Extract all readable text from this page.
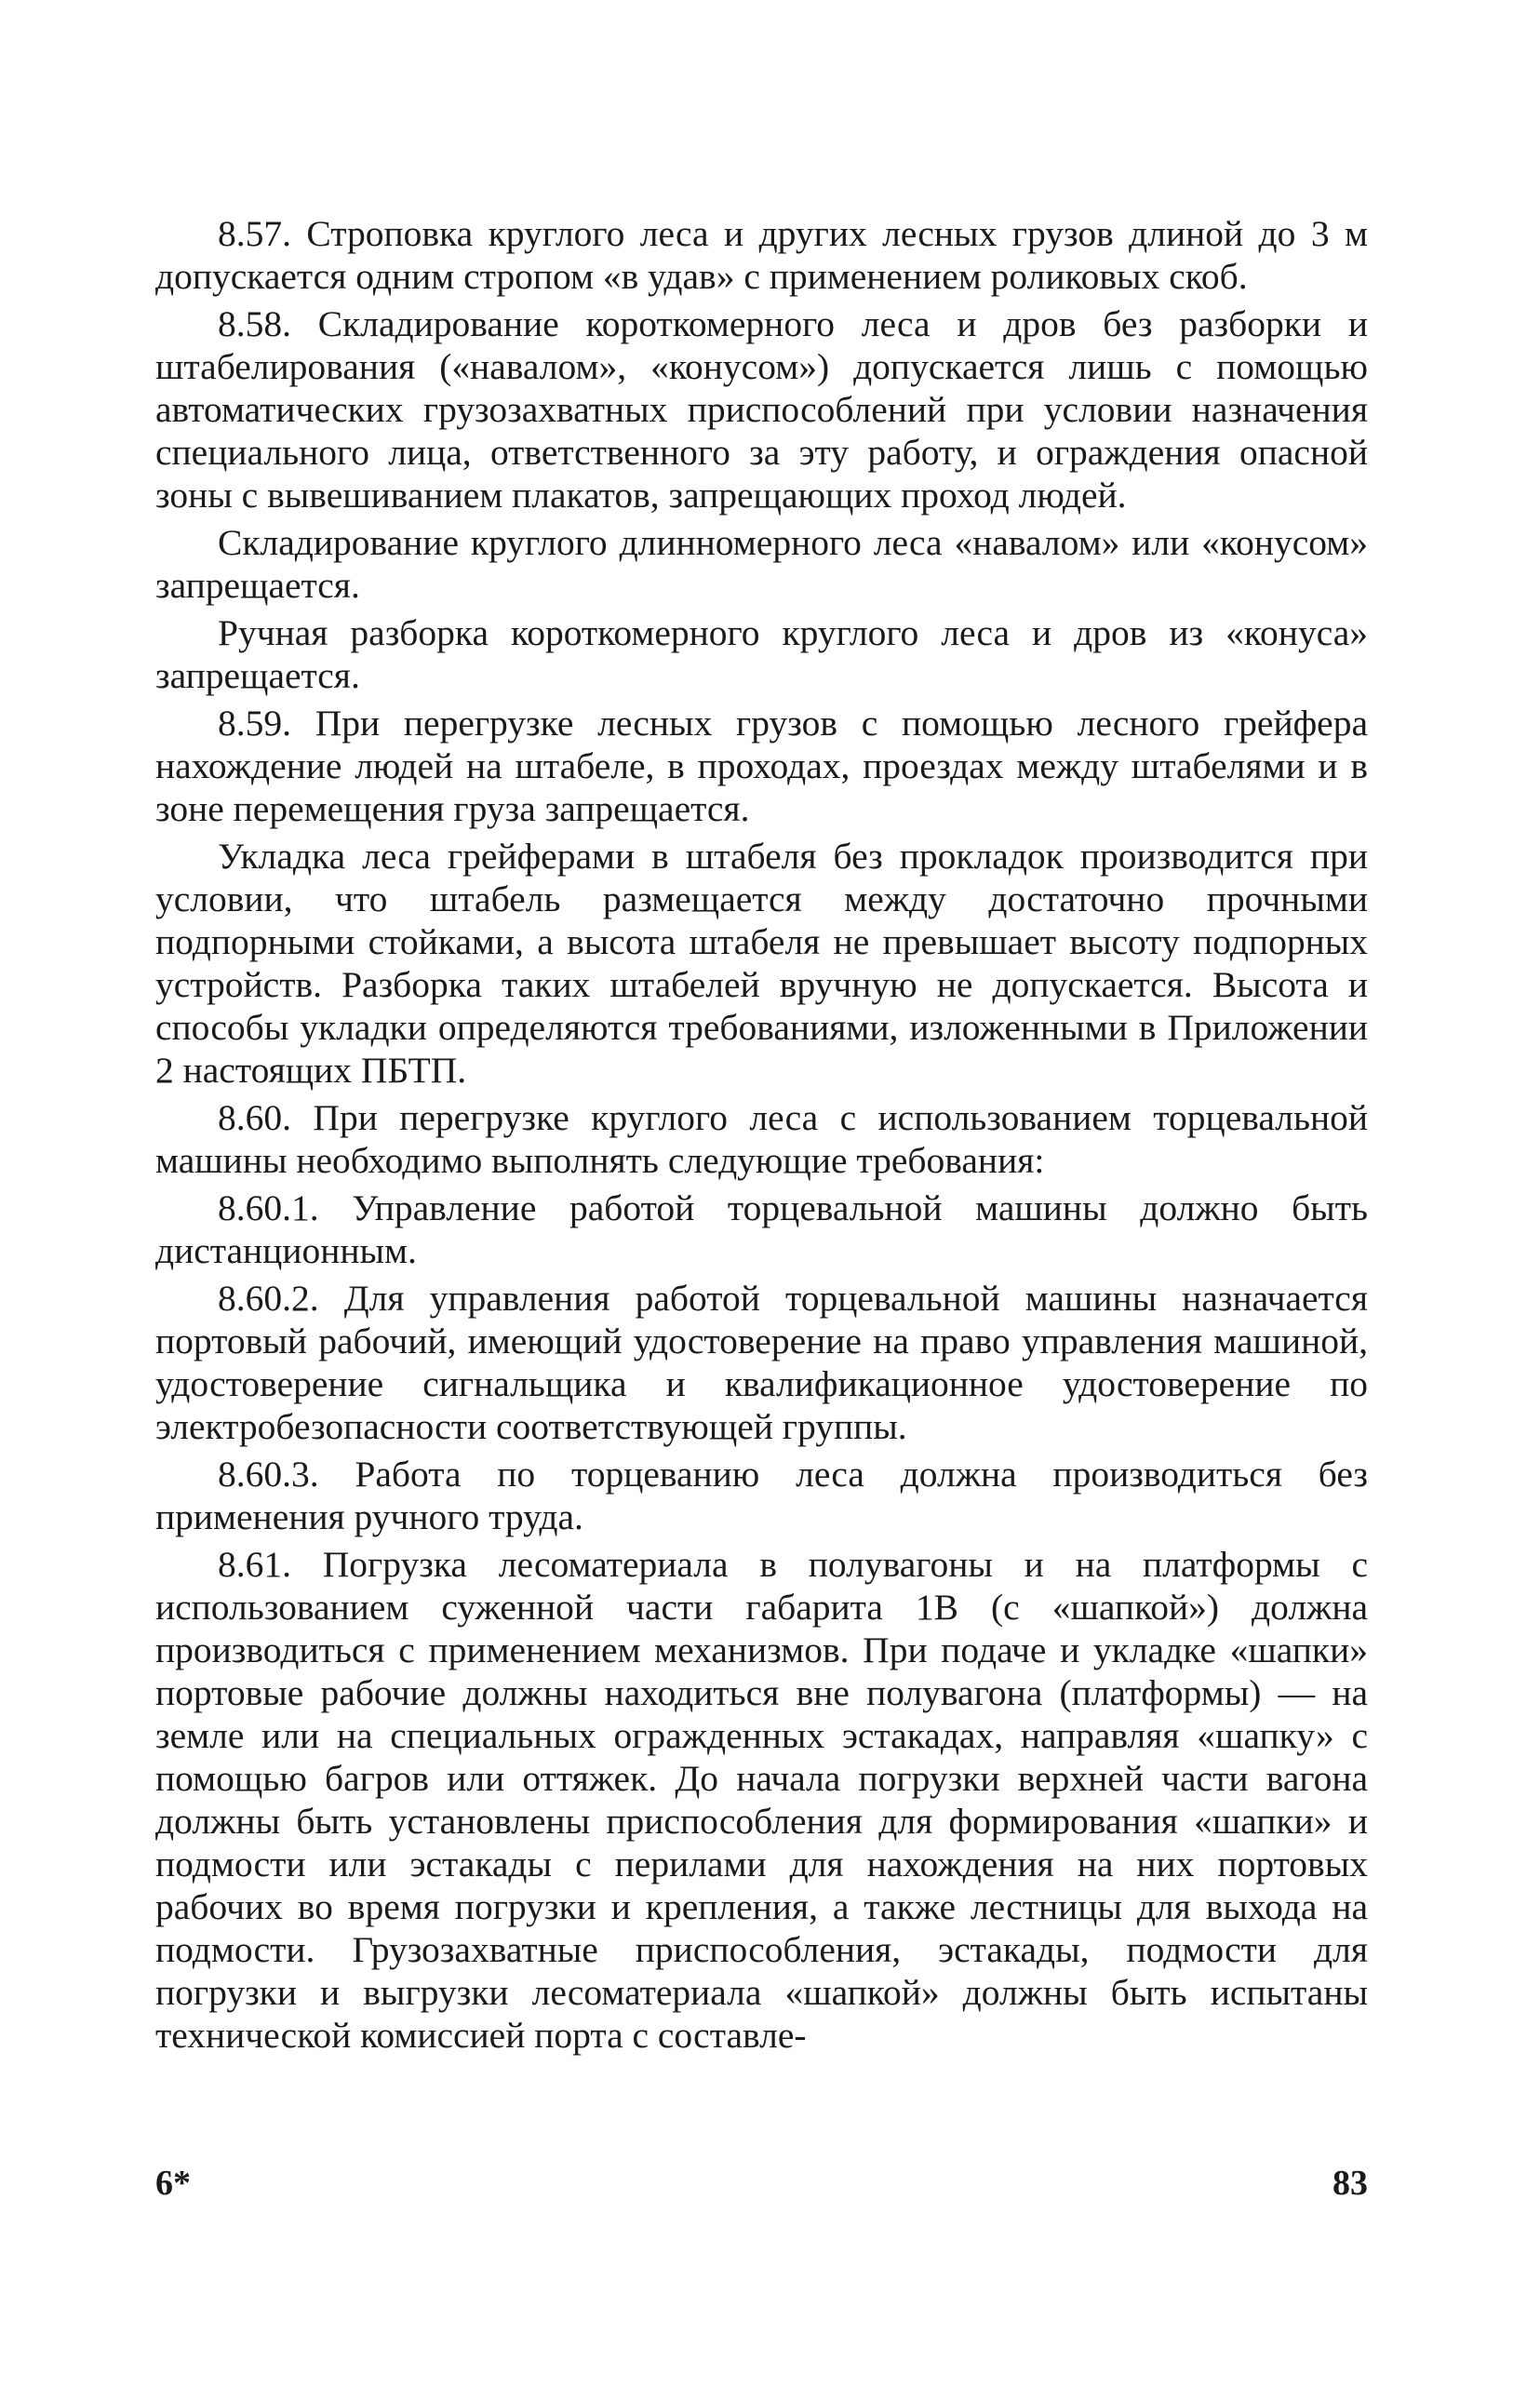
8.57. Строповка круглого леса и других лесных грузов длиной до 3 м допускается одним стропом «в удав» с применением роликовых скоб.

8.58. Складирование короткомерного леса и дров без разборки и штабелирования («навалом», «конусом») допускается лишь с помощью автоматических грузозахватных приспособлений при условии назначения специального лица, ответственного за эту работу, и ограждения опасной зоны с вывешиванием плакатов, запрещающих проход людей.

Складирование круглого длинномерного леса «навалом» или «конусом» запрещается.

Ручная разборка короткомерного круглого леса и дров из «конуса» запрещается.

8.59. При перегрузке лесных грузов с помощью лесного грейфера нахождение людей на штабеле, в проходах, проездах между штабелями и в зоне перемещения груза запрещается.

Укладка леса грейферами в штабеля без прокладок производится при условии, что штабель размещается между достаточно прочными подпорными стойками, а высота штабеля не превышает высоту подпорных устройств. Разборка таких штабелей вручную не допускается. Высота и способы укладки определяются требованиями, изложенными в Приложении 2 настоящих ПБТП.

8.60. При перегрузке круглого леса с использованием торцевальной машины необходимо выполнять следующие требования:

8.60.1. Управление работой торцевальной машины должно быть дистанционным.

8.60.2. Для управления работой торцевальной машины назначается портовый рабочий, имеющий удостоверение на право управления машиной, удостоверение сигнальщика и квалификационное удостоверение по электробезопасности соответствующей группы.

8.60.3. Работа по торцеванию леса должна производиться без применения ручного труда.

8.61. Погрузка лесоматериала в полувагоны и на платформы с использованием суженной части габарита 1В (с «шапкой») должна производиться с применением механизмов. При подаче и укладке «шапки» портовые рабочие должны находиться вне полувагона (платформы) — на земле или на специальных огражденных эстакадах, направляя «шапку» с помощью багров или оттяжек. До начала погрузки верхней части вагона должны быть установлены приспособления для формирования «шапки» и подмости или эстакады с перилами для нахождения на них портовых рабочих во время погрузки и крепления, а также лестницы для выхода на подмости. Грузозахватные приспособления, эстакады, подмости для погрузки и выгрузки лесоматериала «шапкой» должны быть испытаны технической комиссией порта с составле-

6*	83
